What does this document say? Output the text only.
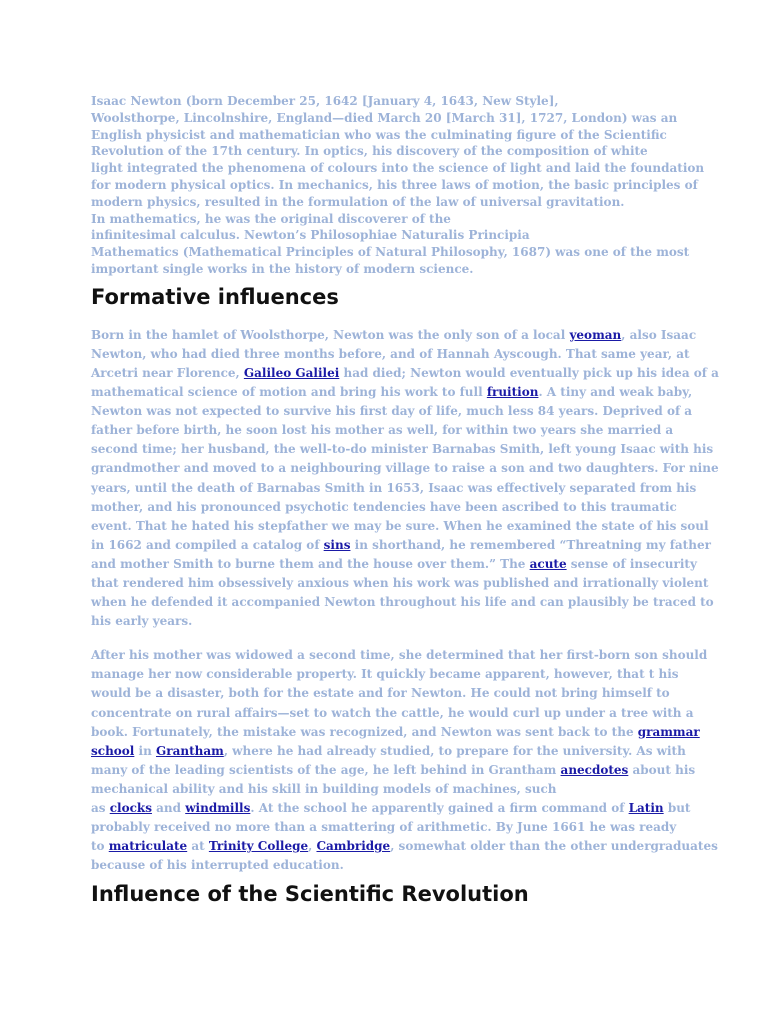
Isaac Newton (born December 25, 1642 [January 4, 1643, New Style],
Woolsthorpe, Lincolnshire, England—died March 20 [March 31], 1727, London) was an
English physicist and mathematician who was the culminating figure of the Scientific
Revolution of the 17th century. In optics, his discovery of the composition of white
light integrated the phenomena of colours into the science of light and laid the foundation
for modern physical optics. In mechanics, his three laws of motion, the basic principles of
modern physics, resulted in the formulation of the law of universal gravitation.
In mathematics, he was the original discoverer of the
infinitesimal calculus. Newton’s Philosophiae Naturalis Principia
Mathematics (Mathematical Principles of Natural Philosophy, 1687) was one of the most
important single works in the history of modern science.

Formative influences

Born in the hamlet of Woolsthorpe, Newton was the only son of a local yeoman, also Isaac
Newton, who had died three months before, and of Hannah Ayscough. That same year, at
Arcetri near Florence, Galileo Galilei had died; Newton would eventually pick up his idea of a
mathematical science of motion and bring his work to full fruition. A tiny and weak baby,
Newton was not expected to survive his first day of life, much less 84 years. Deprived of a
father before birth, he soon lost his mother as well, for within two years she married a
second time; her husband, the well-to-do minister Barnabas Smith, left young Isaac with his
grandmother and moved to a neighbouring village to raise a son and two daughters. For nine
years, until the death of Barnabas Smith in 1653, Isaac was effectively separated from his
mother, and his pronounced psychotic tendencies have been ascribed to this traumatic
event. That he hated his stepfather we may be sure. When he examined the state of his soul
in 1662 and compiled a catalog of sins in shorthand, he remembered “Threatning my father
and mother Smith to burne them and the house over them.” The acute sense of insecurity
that rendered him obsessively anxious when his work was published and irrationally violent
when he defended it accompanied Newton throughout his life and can plausibly be traced to
his early years.

After his mother was widowed a second time, she determined that her first-born son should
manage her now considerable property. It quickly became apparent, however, that t his
would be a disaster, both for the estate and for Newton. He could not bring himself to
concentrate on rural affairs—set to watch the cattle, he would curl up under a tree with a
book. Fortunately, the mistake was recognized, and Newton was sent back to the grammar
school in Grantham, where he had already studied, to prepare for the university. As with
many of the leading scientists of the age, he left behind in Grantham anecdotes about his
mechanical ability and his skill in building models of machines, such
as clocks and windmills. At the school he apparently gained a firm command of Latin but
probably received no more than a smattering of arithmetic. By June 1661 he was ready
to matriculate at Trinity College, Cambridge, somewhat older than the other undergraduates
because of his interrupted education.

Influence of the Scientific Revolution
